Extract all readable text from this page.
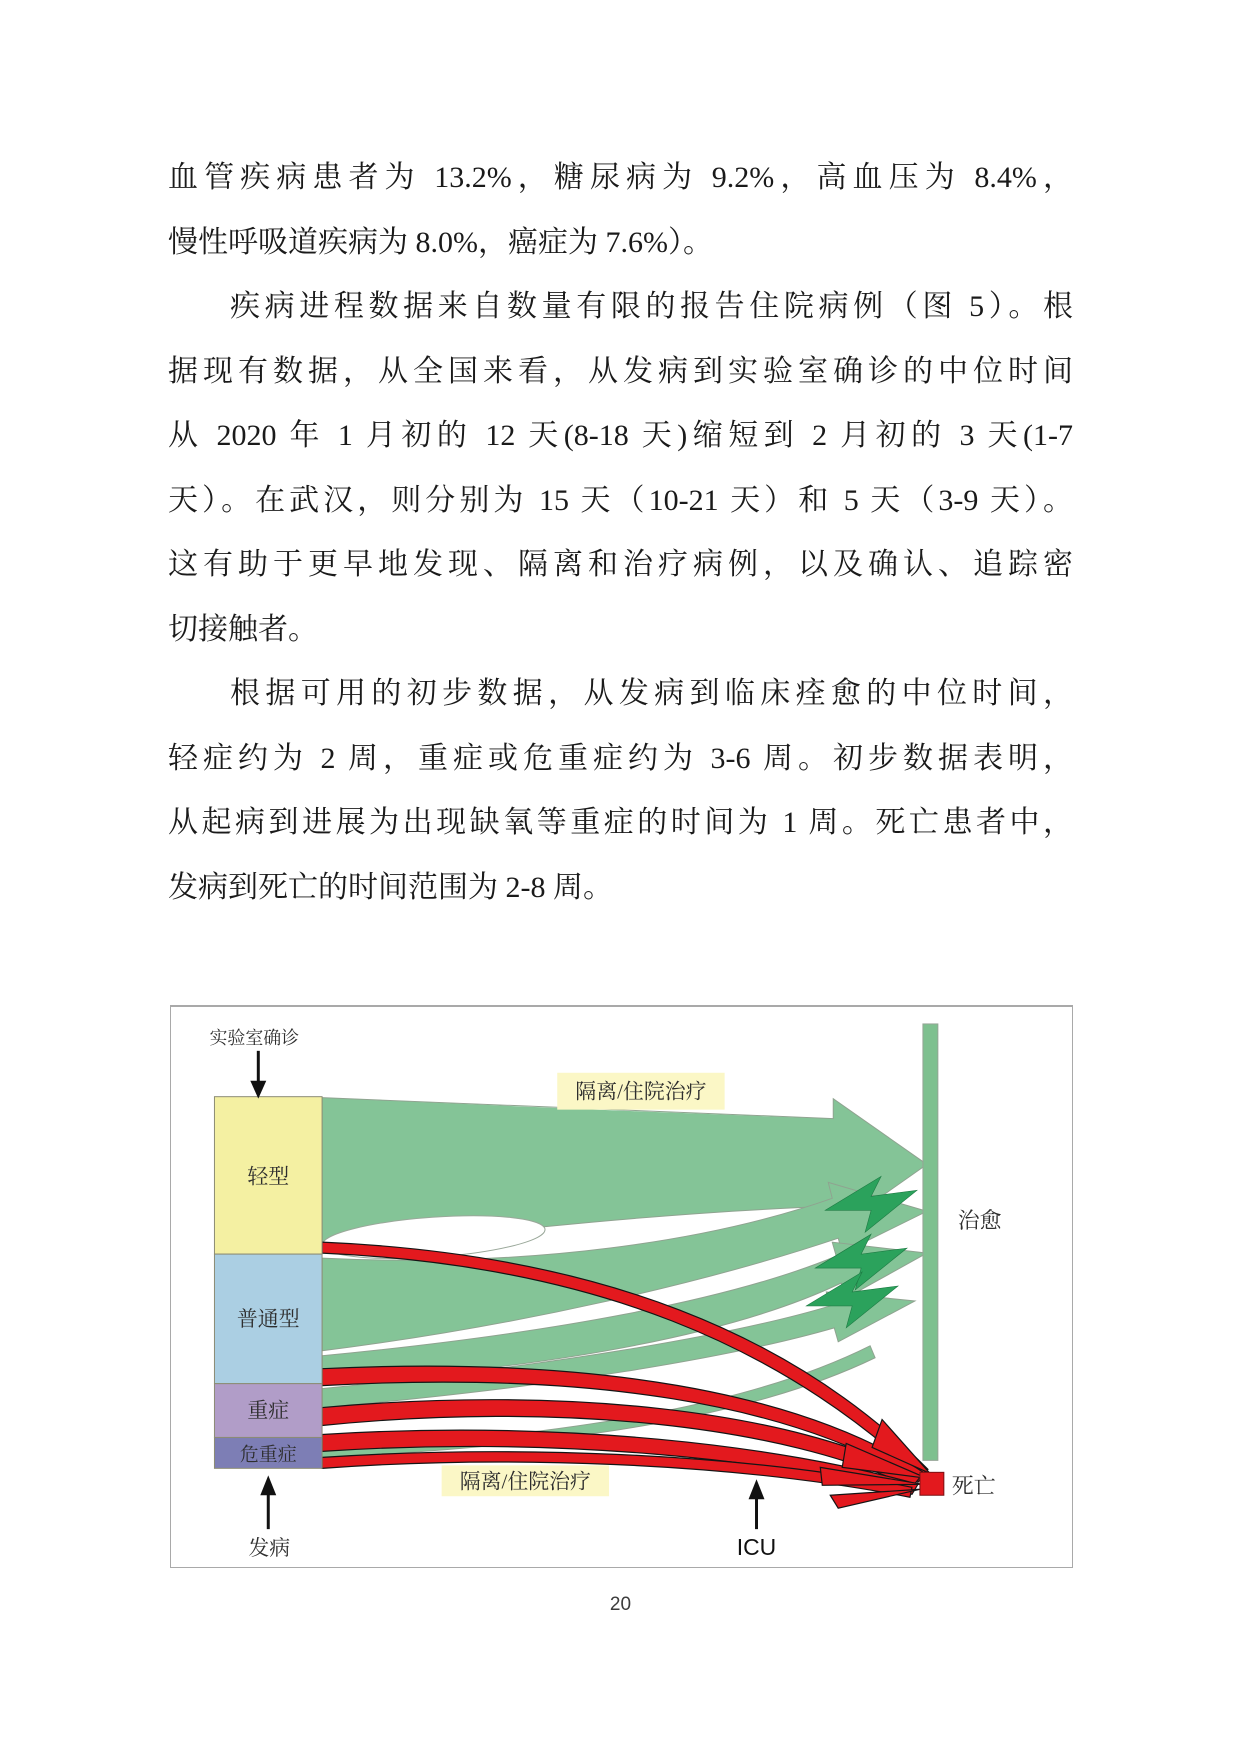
血管疾病患者为 13.2%，糖尿病为 9.2%，高血压为 8.4%，
慢性呼吸道疾病为 8.0%，癌症为 7.6%）。
疾病进程数据来自数量有限的报告住院病例（图 5）。根
据现有数据，从全国来看，从发病到实验室确诊的中位时间
从 2020 年 1 月初的 12 天(8-18 天)缩短到 2 月初的 3 天(1-7
天）。在武汉，则分别为 15 天（10-21 天）和 5 天（3-9 天）。
这有助于更早地发现、隔离和治疗病例，以及确认、追踪密
切接触者。
根据可用的初步数据，从发病到临床痊愈的中位时间，
轻症约为 2 周，重症或危重症约为 3-6 周。初步数据表明，
从起病到进展为出现缺氧等重症的时间为 1 周。死亡患者中，
发病到死亡的时间范围为 2-8 周。
轻型
普通型
重症
危重症
隔离/住院治疗
隔离/住院治疗
实验室确诊
发病	ICU
治愈
死亡
20
